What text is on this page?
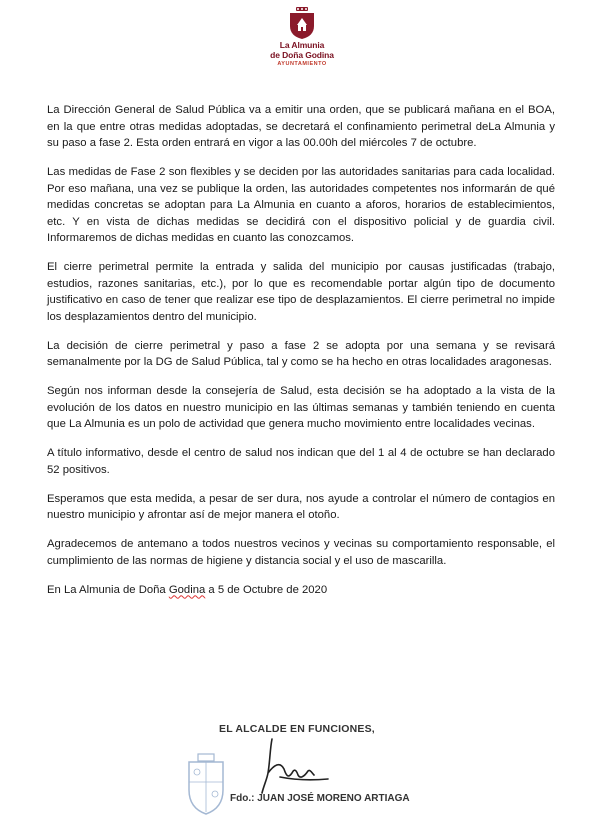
La Almunia
de Doña Godina
AYUNTAMIENTO

La Dirección General de Salud Pública va a emitir una orden, que se publicará mañana en el BOA, en la que entre otras medidas adoptadas, se decretará el confinamiento perimetral deLa Almunia y su paso a fase 2. Esta orden entrará en vigor a las 00.00h del miércoles 7 de octubre.

Las medidas de Fase 2 son flexibles y se deciden por las autoridades sanitarias para cada localidad. Por eso mañana, una vez se publique la orden, las autoridades competentes nos informarán de qué medidas concretas se adoptan para La Almunia en cuanto a aforos, horarios de establecimientos, etc. Y en vista de dichas medidas se decidirá con el dispositivo policial y de guardia civil. Informaremos de dichas medidas en cuanto las conozcamos.

El cierre perimetral permite la entrada y salida del municipio por causas justificadas (trabajo, estudios, razones sanitarias, etc.), por lo que es recomendable portar algún tipo de documento justificativo en caso de tener que realizar ese tipo de desplazamientos. El cierre perimetral no impide los desplazamientos dentro del municipio.

La decisión de cierre perimetral y paso a fase 2 se adopta por una semana y se revisará semanalmente por la DG de Salud Pública, tal y como se ha hecho en otras localidades aragonesas.

Según nos informan desde la consejería de Salud, esta decisión se ha adoptado a la vista de la evolución de los datos en nuestro municipio en las últimas semanas y también teniendo en cuenta que La Almunia es un polo de actividad que genera mucho movimiento entre localidades vecinas.

A título informativo, desde el centro de salud nos indican que del 1 al 4 de octubre se han declarado 52 positivos.

Esperamos que esta medida, a pesar de ser dura, nos ayude a controlar el número de contagios en nuestro municipio y afrontar así de mejor manera el otoño.

Agradecemos de antemano a todos nuestros vecinos y vecinas su comportamiento responsable, el cumplimiento de las normas de higiene y distancia social y el uso de mascarilla.

En La Almunia de Doña Godina a 5 de Octubre de 2020

EL ALCALDE EN FUNCIONES,
Fdo.: JUAN JOSÉ MORENO ARTIAGA
